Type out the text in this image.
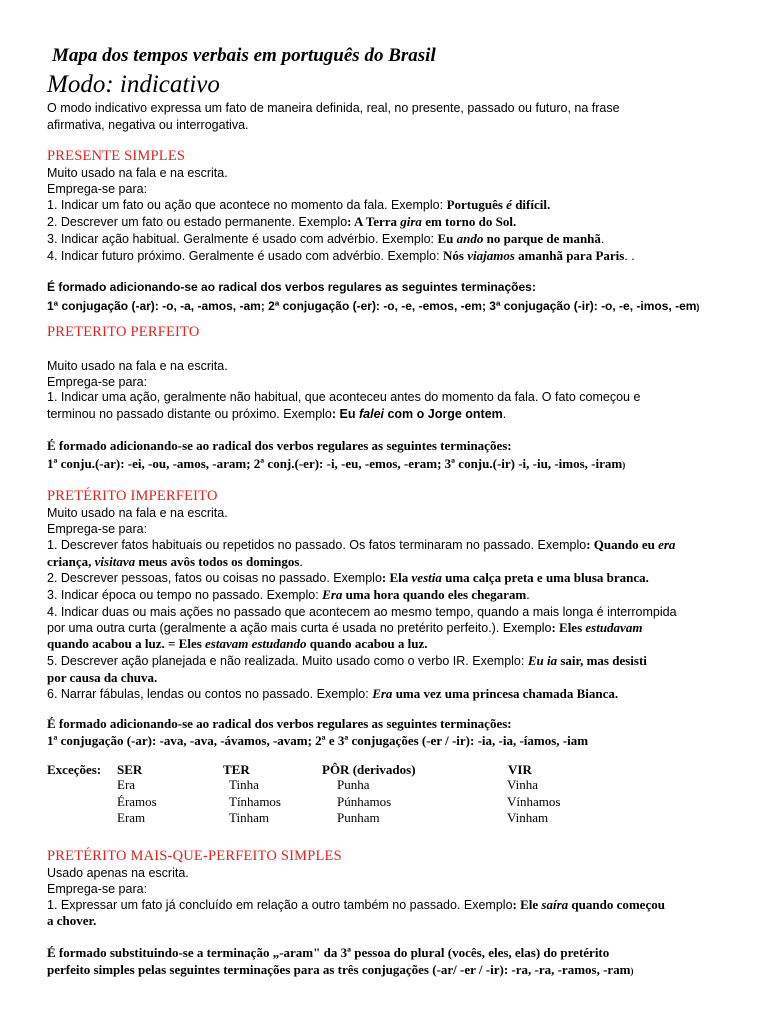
Mapa dos tempos verbais em português do Brasil
Modo: indicativo
O modo indicativo expressa um fato de maneira definida, real, no presente, passado ou futuro, na frase
afirmativa, negativa ou interrogativa.
PRESENTE SIMPLES
Muito usado na fala e na escrita.
Emprega-se para:
1. Indicar um fato ou ação que acontece no momento da fala. Exemplo: Português é difícil.
2. Descrever um fato ou estado permanente. Exemplo: A Terra gira em torno do Sol.
3. Indicar ação habitual. Geralmente é usado com advérbio. Exemplo: Eu ando no parque de manhã.
4. Indicar futuro próximo. Geralmente é usado com advérbio. Exemplo: Nós viajamos amanhã para Paris. .
É formado adicionando-se ao radical dos verbos regulares as seguintes terminações:
1ª conjugação (-ar): -o, -a, -amos, -am; 2ª conjugação (-er): -o, -e, -emos, -em; 3ª conjugação (-ir): -o, -e, -imos, -em)
PRETERITO PERFEITO
Muito usado na fala e na escrita.
Emprega-se para:
1. Indicar uma ação, geralmente não habitual, que aconteceu antes do momento da fala. O fato começou e
terminou no passado distante ou próximo. Exemplo: Eu falei com o Jorge ontem.
É formado adicionando-se ao radical dos verbos regulares as seguintes terminações:
1ª conju.(-ar): -ei, -ou, -amos, -aram; 2ª conj.(-er): -i, -eu, -emos, -eram; 3ª conju.(-ir) -i, -iu, -imos, -iram)
PRETÉRITO IMPERFEITO
Muito usado na fala e na escrita.
Emprega-se para:
1. Descrever fatos habituais ou repetidos no passado. Os fatos terminaram no passado. Exemplo: Quando eu era
criança, visitava meus avôs todos os domingos.
2. Descrever pessoas, fatos ou coisas no passado. Exemplo: Ela vestia uma calça preta e uma blusa branca.
3. Indicar época ou tempo no passado. Exemplo: Era uma hora quando eles chegaram.
4. Indicar duas ou mais ações no passado que acontecem ao mesmo tempo, quando a mais longa é interrompida
por uma outra curta (geralmente a ação mais curta é usada no pretérito perfeito.). Exemplo: Eles estudavam
quando acabou a luz. = Eles estavam estudando quando acabou a luz.
5. Descrever ação planejada e não realizada. Muito usado como o verbo IR. Exemplo: Eu ia sair, mas desisti
por causa da chuva.
6. Narrar fábulas, lendas ou contos no passado. Exemplo: Era uma vez uma princesa chamada Bianca.
É formado adicionando-se ao radical dos verbos regulares as seguintes terminações:
1ª conjugação (-ar): -ava, -ava, -ávamos, -avam; 2ª e 3ª conjugações (-er / -ir): -ia, -ia, -íamos, -iam
Exceções: SER	TER	PÔR (derivados)	VIR
Era	Tinha	Punha	Vinha
Éramos	Tínhamos	Púnhamos	Vínhamos
Eram	Tinham	Punham	Vinham
PRETÉRITO MAIS-QUE-PERFEITO SIMPLES
Usado apenas na escrita.
Emprega-se para:
1. Expressar um fato já concluído em relação a outro também no passado. Exemplo: Ele saíra quando começou
a chover.
É formado substituindo-se a terminação „-aram" da 3ª pessoa do plural (vocês, eles, elas) do pretérito
perfeito simples pelas seguintes terminações para as três conjugações (-ar/ -er / -ir): -ra, -ra, -ramos, -ram)
